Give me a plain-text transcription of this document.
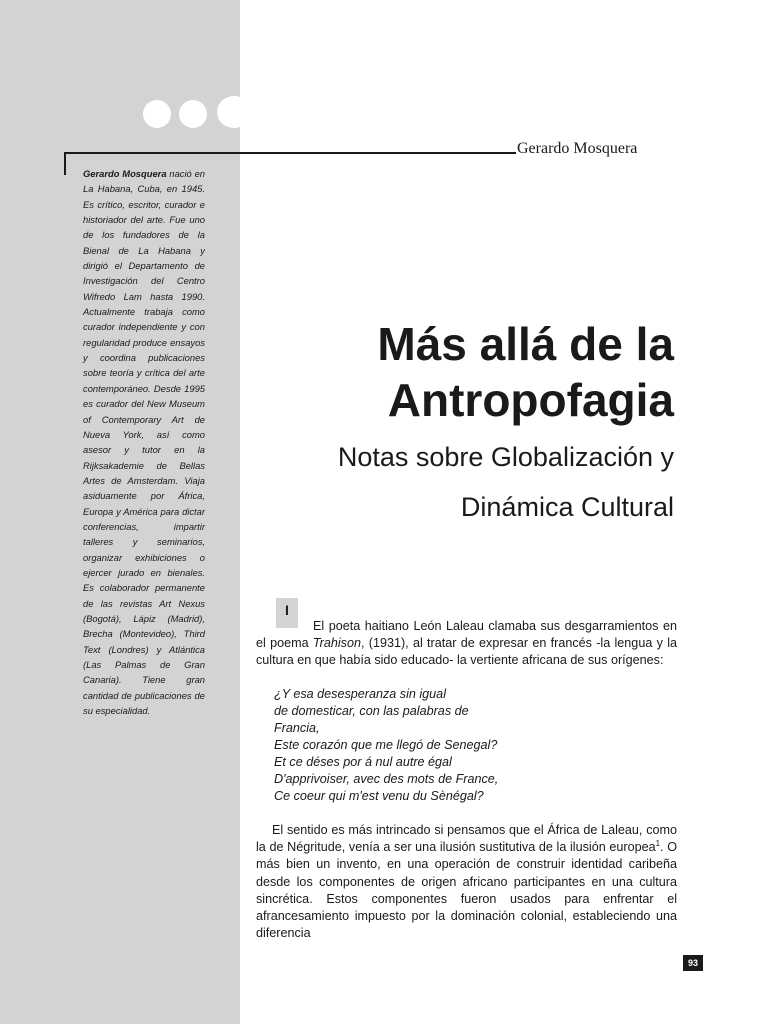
Gerardo Mosquera
Gerardo Mosquera nació en La Habana, Cuba, en 1945. Es crítico, escritor, curador e historiador del arte. Fue uno de los fundadores de la Bienal de La Habana y dirigió el Departamento de Investigación del Centro Wifredo Lam hasta 1990. Actualmente trabaja como curador independiente y con regularidad produce ensayos y coordina publicaciones sobre teoría y crítica del arte contemporáneo. Desde 1995 es curador del New Museum of Contemporary Art de Nueva York, así como asesor y tutor en la Rijksakademie de Bellas Artes de Amsterdam. Viaja asiduamente por África, Europa y América para dictar conferencias, impartir talleres y seminarios, organizar exhibiciones o ejercer jurado en bienales. Es colaborador permanente de las revistas Art Nexus (Bogotá), Lápiz (Madrid), Brecha (Montevideo), Third Text (Londres) y Atlántica (Las Palmas de Gran Canaria). Tiene gran cantidad de publicaciones de su especialidad.
Más allá de la
Antropofagia
Notas sobre Globalización y
Dinámica Cultural
I
El poeta haitiano León Laleau clamaba sus desgarramientos en el poema Trahison, (1931), al tratar de expresar en francés -la lengua y la cultura en que había sido educado- la vertiente africana de sus orígenes:
¿Y esa desesperanza sin igual
de domesticar, con las palabras de
Francia,
Este corazón que me llegó de Senegal?
Et ce déses por á nul autre égal
D'apprivoiser, avec des mots de France,
Ce coeur qui m'est venu du Sènégal?
El sentido es más intrincado si pensamos que el África de Laleau, como la de Négritude, venía a ser una ilusión sustitutiva de la ilusión europea$^1$. O más bien un invento, en una operación de construir identidad caribeña desde los componentes de origen africano participantes en una cultura sincrética. Estos componentes fueron usados para enfrentar el afrancesamiento impuesto por la dominación colonial, estableciendo una diferencia
93
